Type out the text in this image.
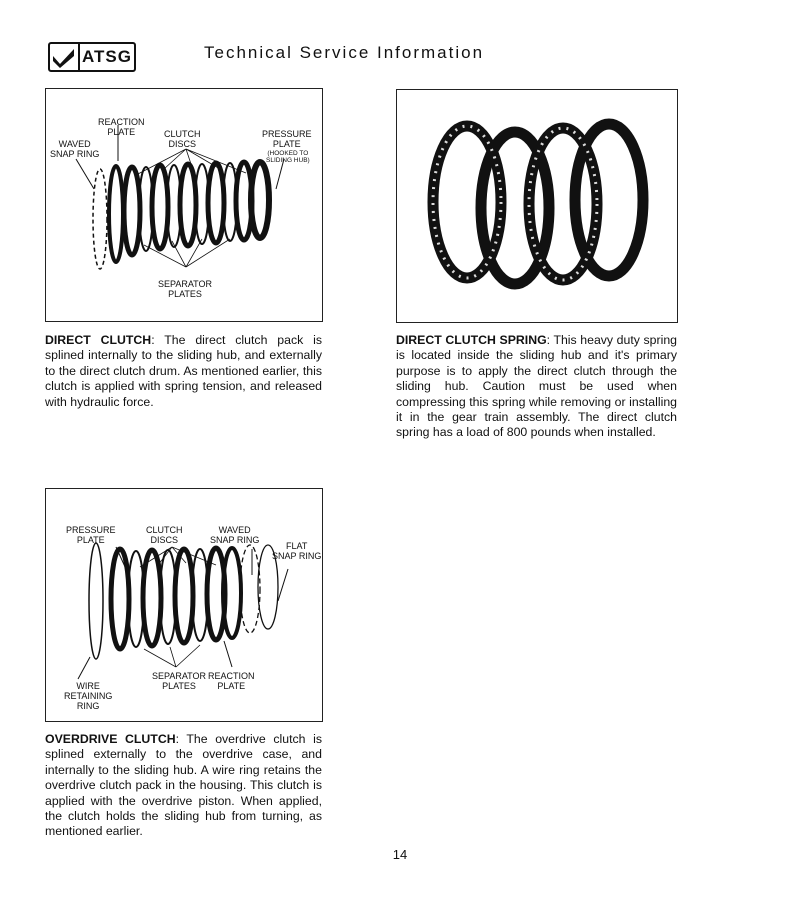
ATSG	Technical Service Information
REACTION
PLATE
WAVED
SNAP RING
CLUTCH
DISCS
PRESSURE
PLATE
(HOOKED TO
SLIDING HUB)
SEPARATOR
PLATES
PRESSURE
PLATE
CLUTCH
DISCS
WAVED
SNAP RING
FLAT
SNAP RING
WIRE
RETAINING
RING
SEPARATOR
PLATES
REACTION
PLATE
DIRECT CLUTCH: The direct clutch pack is splined internally to the sliding hub, and externally to the direct clutch drum. As mentioned earlier, this clutch is applied with spring tension, and released with hydraulic force.
DIRECT CLUTCH SPRING: This heavy duty spring is located inside the sliding hub and it's primary purpose is to apply the direct clutch through the sliding hub. Caution must be used when compressing this spring while removing or installing it in the gear train assembly. The direct clutch spring has a load of 800 pounds when installed.
OVERDRIVE CLUTCH: The overdrive clutch is splined externally to the overdrive case, and internally to the sliding hub. A wire ring retains the overdrive clutch pack in the housing. This clutch is applied with the overdrive piston. When applied, the clutch holds the sliding hub from turning, as mentioned earlier.
14
